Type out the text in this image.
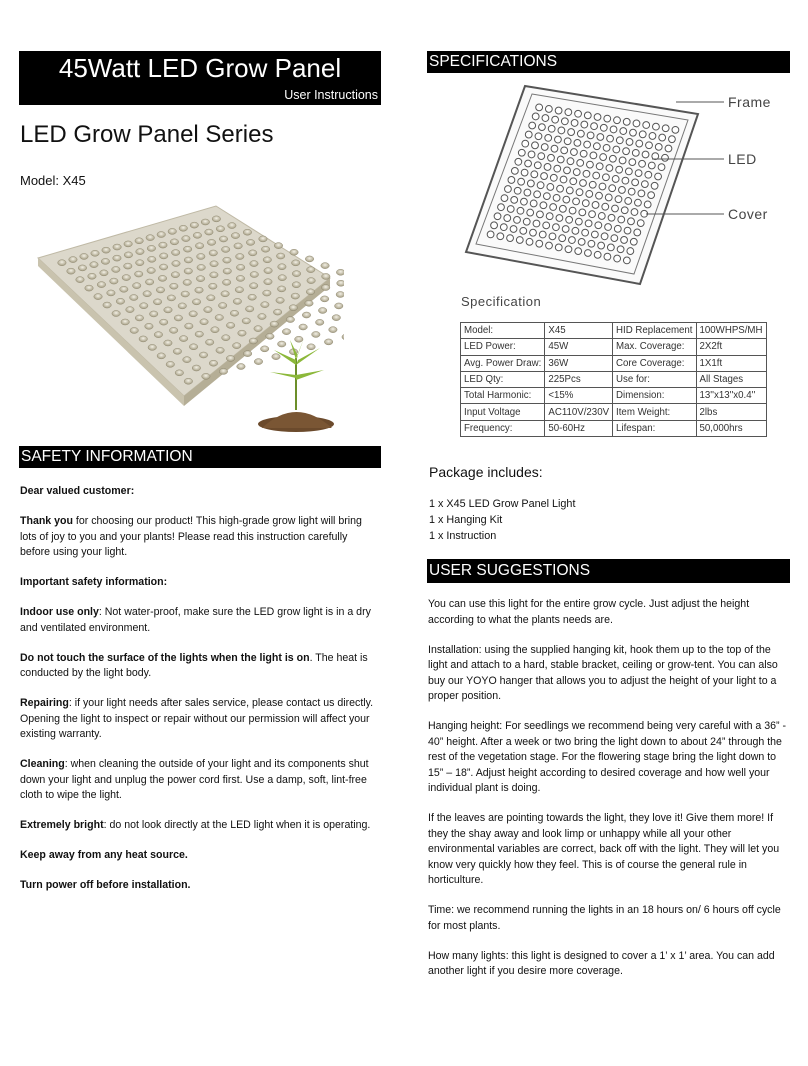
45Watt LED Grow Panel
User Instructions
LED Grow Panel Series
Model: X45
SPECIFICATIONS
Frame
LED
Cover
Specification
Model:	X45	HID Replacement	100WHPS/MH
LED Power:	45W	Max. Coverage:	2X2ft
Avg. Power Draw:	36W	Core Coverage:	1X1ft
LED Qty:	225Pcs	Use for:	All Stages
Total Harmonic:	<15%	Dimension:	13''x13''x0.4''
Input Voltage	AC110V/230V	Item Weight:	2lbs
Frequency:	50-60Hz	Lifespan:	50,000hrs
SAFETY INFORMATION

Dear valued customer:

Thank you for choosing our product! This high-grade grow light will bring lots of joy to you and your plants! Please read this instruction carefully before using your light.

Important safety information:

Indoor use only: Not water-proof, make sure the LED grow light is in a dry and ventilated environment.

Do not touch the surface of the lights when the light is on. The heat is conducted by the light body.

Repairing: if your light needs after sales service, please contact us directly. Opening the light to inspect or repair without our permission will affect your existing warranty.

Cleaning: when cleaning the outside of your light and its components shut down your light and unplug the power cord first. Use a damp, soft, lint-free cloth to wipe the light.

Extremely bright: do not look directly at the LED light when it is operating.

Keep away from any heat source.

Turn power off before installation.

Package includes:
1 x X45 LED Grow Panel Light
1 x Hanging Kit
1 x Instruction
USER SUGGESTIONS

You can use this light for the entire grow cycle. Just adjust the height according to what the plants needs are.

Installation: using the supplied hanging kit, hook them up to the top of the light and attach to a hard, stable bracket, ceiling or grow-tent. You can also buy our YOYO hanger that allows you to adjust the height of your light to a proper position.

Hanging height: For seedlings we recommend being very careful with a 36” - 40” height. After a week or two bring the light down to about 24” through the rest of the vegetation stage. For the flowering stage bring the light down to 15” – 18”. Adjust height according to desired coverage and how well your individual plant is doing.

If the leaves are pointing towards the light, they love it! Give them more! If they the shay away and look limp or unhappy while all your other environmental variables are correct, back off with the light. They will let you know very quickly how they feel. This is of course the general rule in horticulture.

Time: we recommend running the lights in an 18 hours on/ 6 hours off cycle for most plants.

How many lights: this light is designed to cover a 1’ x 1’ area. You can add another light if you desire more coverage.
